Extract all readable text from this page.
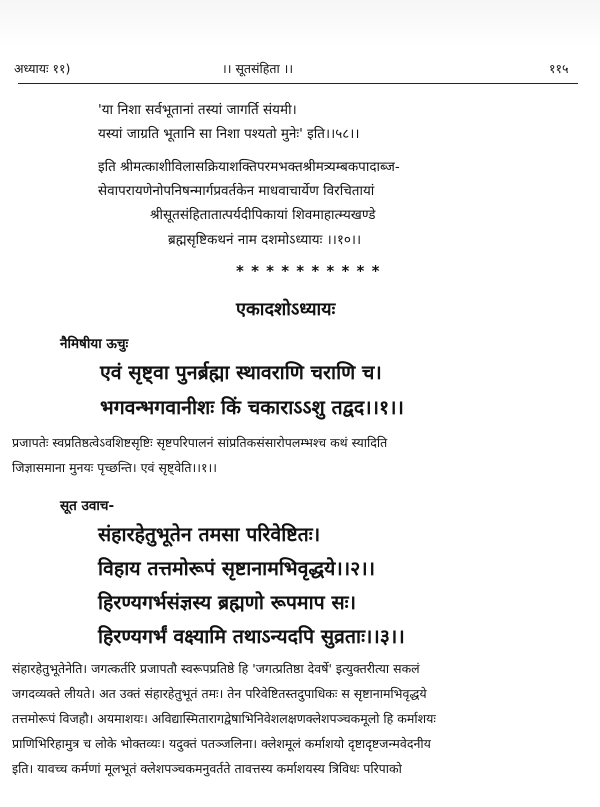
अध्यायः ११)	।। सूतसंहिता ।।	११५
'या निशा सर्वभूतानां तस्यां जागर्ति संयमी।
यस्यां जाग्रति भूतानि सा निशा पश्यतो मुनेः' इति।।५८।।
इति श्रीमत्काशीविलासक्रियाशक्तिपरमभक्तश्रीमत्र्यम्बकपादाब्ज-
सेवापरायणेनोपनिषन्मार्गप्रवर्तकेन माधवाचार्येण विरचितायां
श्रीसूतसंहितातात्पर्यदीपिकायां शिवमाहात्म्यखण्डे
ब्रह्मसृष्टिकथनं नाम दशमोऽध्यायः ।।१०।।
* * * * * * * * * *
एकादशोऽध्यायः
नैमिषीया ऊचुः
एवं सृष्ट्वा पुनर्ब्रह्मा स्थावराणि चराणि च।
भगवन्भगवानीशः किं चकाराऽऽशु तद्वद।।१।।
प्रजापतेः स्वप्रतिष्ठत्वेऽवशिष्टसृष्टिः सृष्टपरिपालनं सांप्रतिकसंसारोपलम्भश्च कथं स्यादिति
जिज्ञासमाना मुनयः पृच्छन्ति। एवं सृष्ट्वेति।।१।।
सूत उवाच-
संहारहेतुभूतेन तमसा परिवेष्टितः।
विहाय तत्तमोरूपं सृष्टानामभिवृद्धये।।२।।
हिरण्यगर्भसंज्ञस्य ब्रह्मणो रूपमाप सः।
हिरण्यगर्भं वक्ष्यामि तथाऽन्यदपि सुव्रताः।।३।।
संहारहेतुभूतेनेति। जगत्कर्तरि प्रजापतौ स्वरूपप्रतिष्ठे हि 'जगत्प्रतिष्ठा देवर्षे' इत्युक्तरीत्या सकलं
जगदव्यक्ते लीयते। अत उक्तं संहारहेतुभूतं तमः। तेन परिवेष्टितस्तदुपाधिकः स सृष्टानामभिवृद्धये
तत्तमोरूपं विजहौ। अयमाशयः। अविद्यास्मितारागद्वेषाभिनिवेशलक्षणक्लेशपञ्चकमूलो हि कर्माशयः
प्राणिभिरिहामुत्र च लोके भोक्तव्यः। यदुक्तं पतञ्जलिना। क्लेशमूलं कर्माशयो दृष्टादृष्टजन्मवेदनीय
इति। यावच्च कर्मणां मूलभूतं क्लेशपञ्चकमनुवर्तते तावत्तस्य कर्माशयस्य त्रिविधः परिपाको
